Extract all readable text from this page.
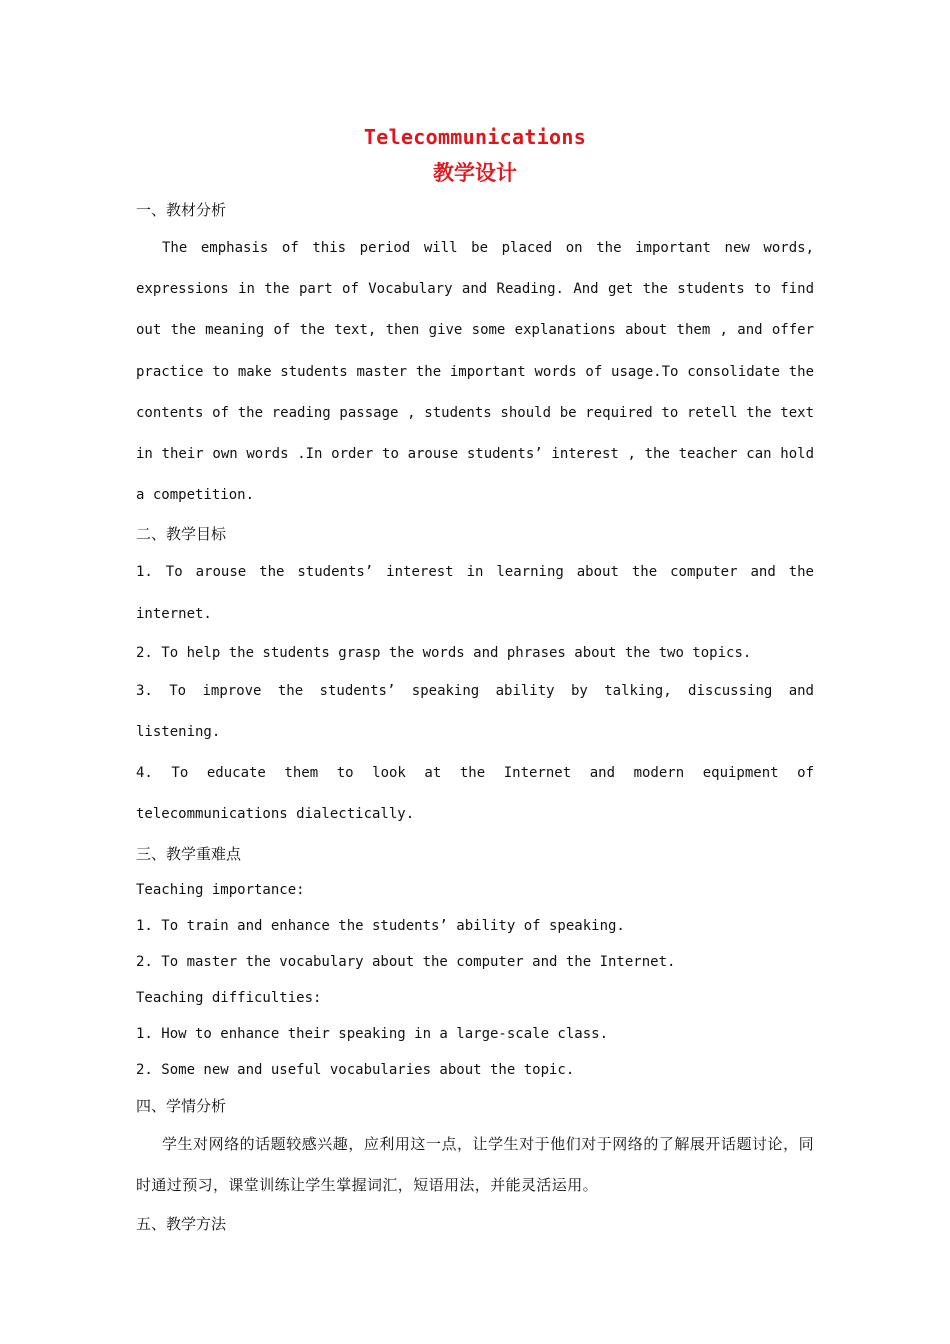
Telecommunications
教学设计

一、教材分析

The emphasis of this period will be placed on the important new words, expressions in the part of Vocabulary and Reading. And get the students to find out the meaning of the text, then give some explanations about them , and offer practice to make students master the important words of usage.To consolidate the contents of the reading passage , students should be required to retell the text in their own words .In order to arouse students’ interest , the teacher can hold a competition.

二、教学目标

1. To arouse the students’ interest in learning about the computer and the internet.

2. To help the students grasp the words and phrases about the two topics.

3. To improve the students’ speaking ability by talking, discussing and listening.

4. To educate them to look at the Internet and modern equipment of telecommunications dialectically.

三、教学重难点

Teaching importance:

1. To train and enhance the students’ ability of speaking.

2. To master the vocabulary about the computer and the Internet.

Teaching difficulties:

1. How to enhance their speaking in a large-scale class.

2. Some new and useful vocabularies about the topic.

四、学情分析

学生对网络的话题较感兴趣，应利用这一点，让学生对于他们对于网络的了解展开话题讨论，同时通过预习，课堂训练让学生掌握词汇，短语用法，并能灵活运用。

五、教学方法
